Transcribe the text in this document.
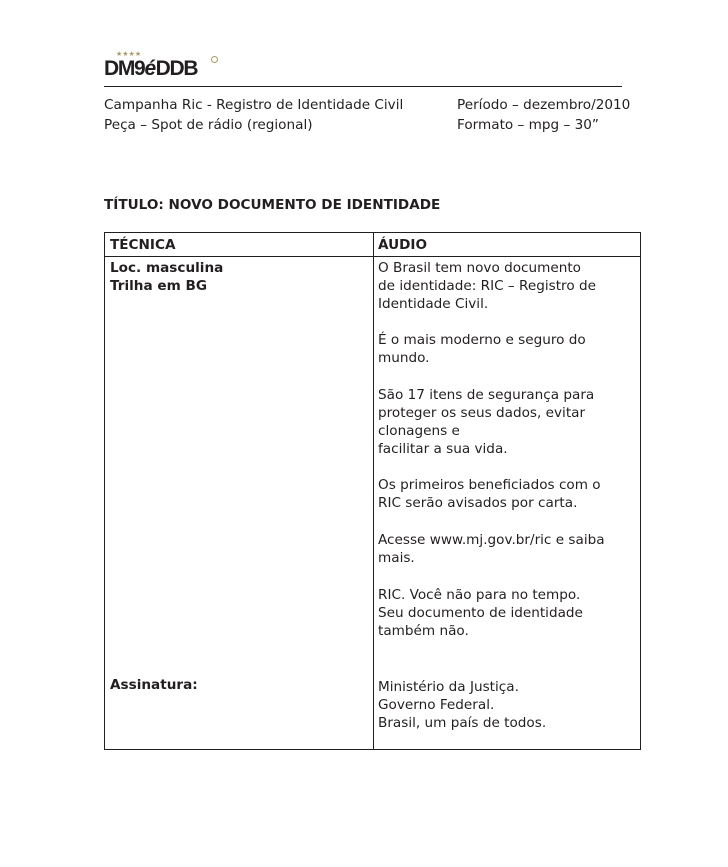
★★★★
DM9éDDB
Campanha Ric - Registro de Identidade Civil
Peça – Spot de rádio (regional)
Período – dezembro/2010
Formato – mpg – 30”
TÍTULO: NOVO DOCUMENTO DE IDENTIDADE
TÉCNICA	ÁUDIO
Loc. masculina
Trilha em BG
Assinatura:
O Brasil tem novo documento
de identidade: RIC – Registro de
Identidade Civil.
É o mais moderno e seguro do
mundo.
São 17 itens de segurança para
proteger os seus dados, evitar
clonagens e
facilitar a sua vida.
Os primeiros beneficiados com o
RIC serão avisados por carta.
Acesse www.mj.gov.br/ric e saiba
mais.
RIC. Você não para no tempo.
Seu documento de identidade
também não.
Ministério da Justiça.
Governo Federal.
Brasil, um país de todos.
